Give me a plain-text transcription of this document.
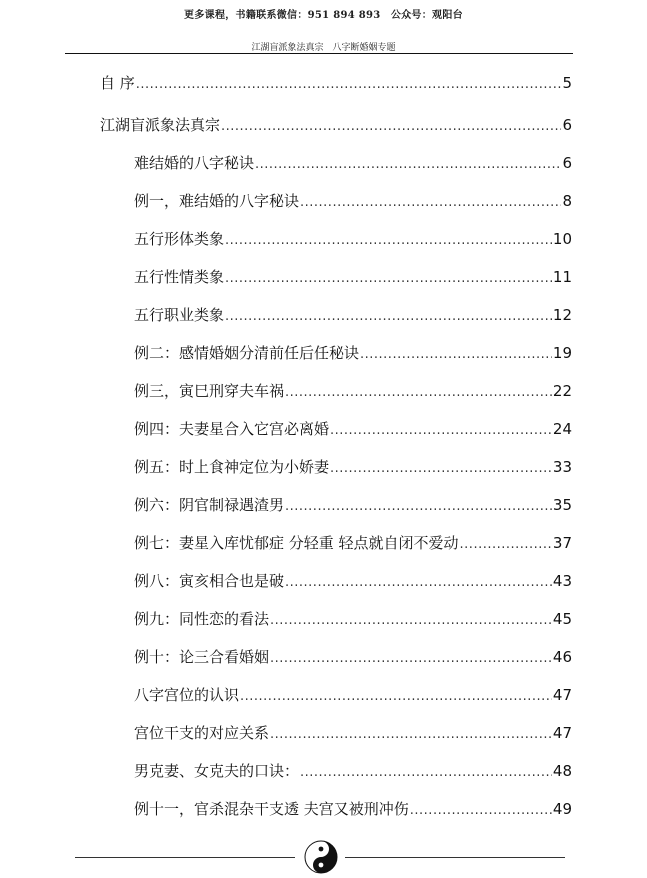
更多课程，书籍联系微信：951 894 893　公众号：观阳台
江湖盲派象法真宗　八字断婚姻专题
自 序 .....	5
江湖盲派象法真宗 .....	6
难结婚的八字秘诀 .....	6
例一，难结婚的八字秘诀 .....	8
五行形体类象 .....	10
五行性情类象 .....	11
五行职业类象 .....	12
例二：感情婚姻分清前任后任秘诀 .....	19
例三，寅巳刑穿夫车祸 .....	22
例四：夫妻星合入它宫必离婚 .....	24
例五：时上食神定位为小娇妻 .....	33
例六：阴官制禄遇渣男 .....	35
例七：妻星入库忧郁症 分轻重 轻点就自闭不爱动 .....	37
例八：寅亥相合也是破 .....	43
例九：同性恋的看法 .....	45
例十：论三合看婚姻 .....	46
八字宫位的认识 .....	47
宫位干支的对应关系 .....	47
男克妻、女克夫的口诀： .....	48
例十一，官杀混杂干支透 夫宫又被刑冲伤 .....	49
